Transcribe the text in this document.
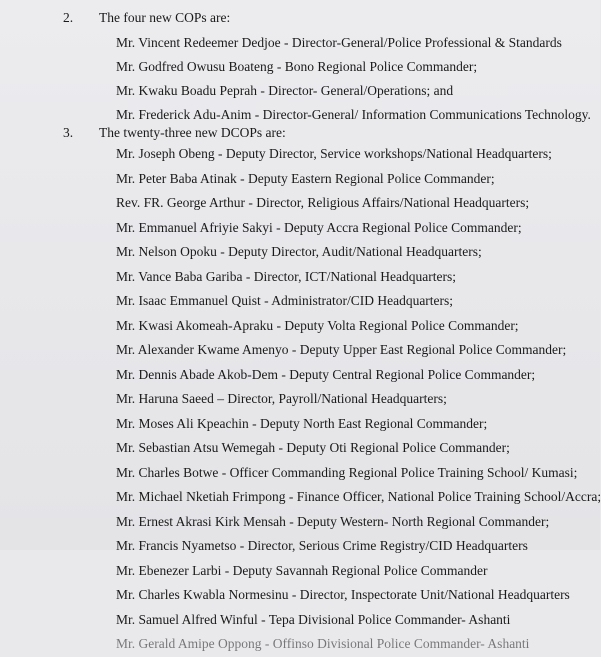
2. The four new COPs are:
Mr. Vincent Redeemer Dedjoe - Director-General/Police Professional & Standards
Mr. Godfred Owusu Boateng - Bono Regional Police Commander;
Mr. Kwaku Boadu Peprah - Director- General/Operations; and
Mr. Frederick Adu-Anim - Director-General/ Information Communications Technology.
3. The twenty-three new DCOPs are:
Mr. Joseph Obeng - Deputy Director, Service workshops/National Headquarters;
Mr. Peter Baba Atinak - Deputy Eastern Regional Police Commander;
Rev. FR. George Arthur - Director, Religious Affairs/National Headquarters;
Mr. Emmanuel Afriyie Sakyi - Deputy Accra Regional Police Commander;
Mr. Nelson Opoku - Deputy Director, Audit/National Headquarters;
Mr. Vance Baba Gariba - Director, ICT/National Headquarters;
Mr. Isaac Emmanuel Quist - Administrator/CID Headquarters;
Mr. Kwasi Akomeah-Apraku - Deputy Volta Regional Police Commander;
Mr. Alexander Kwame Amenyo - Deputy Upper East Regional Police Commander;
Mr. Dennis Abade Akob-Dem - Deputy Central Regional Police Commander;
Mr. Haruna Saeed – Director, Payroll/National Headquarters;
Mr. Moses Ali Kpeachin - Deputy North East Regional Commander;
Mr. Sebastian Atsu Wemegah - Deputy Oti Regional Police Commander;
Mr. Charles Botwe - Officer Commanding Regional Police Training School/ Kumasi;
Mr. Michael Nketiah Frimpong - Finance Officer, National Police Training School/Accra;
Mr. Ernest Akrasi Kirk Mensah - Deputy Western- North Regional Commander;
Mr. Francis Nyametso - Director, Serious Crime Registry/CID Headquarters
Mr. Ebenezer Larbi - Deputy Savannah Regional Police Commander
Mr. Charles Kwabla Normesinu - Director, Inspectorate Unit/National Headquarters
Mr. Samuel Alfred Winful - Tepa Divisional Police Commander- Ashanti
Mr. Gerald Amipe Oppong - Offinso Divisional Police Commander- Ashanti
